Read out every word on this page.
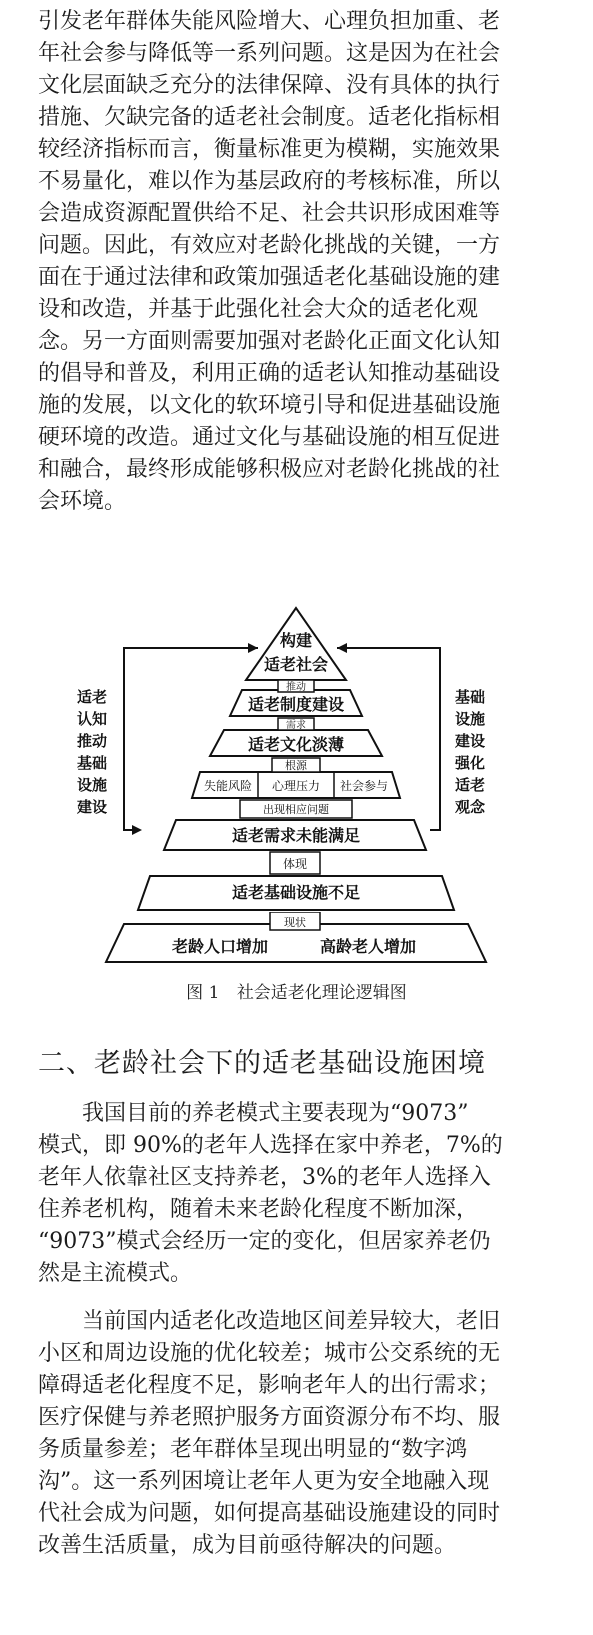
引发老年群体失能风险增大、心理负担加重、老
年社会参与降低等一系列问题。这是因为在社会
文化层面缺乏充分的法律保障、没有具体的执行
措施、欠缺完备的适老社会制度。适老化指标相
较经济指标而言，衡量标准更为模糊，实施效果
不易量化，难以作为基层政府的考核标准，所以
会造成资源配置供给不足、社会共识形成困难等
问题。因此，有效应对老龄化挑战的关键，一方
面在于通过法律和政策加强适老化基础设施的建
设和改造，并基于此强化社会大众的适老化观
念。另一方面则需要加强对老龄化正面文化认知
的倡导和普及，利用正确的适老认知推动基础设
施的发展，以文化的软环境引导和促进基础设施
硬环境的改造。通过文化与基础设施的相互促进
和融合，最终形成能够积极应对老龄化挑战的社
会环境。
构建
适老社会
推动
适老制度建设
需求
适老文化淡薄
根源
失能风险 心理压力 社会参与
出现相应问题
适老需求未能满足
体现
适老基础设施不足
适老
认知
推动
基础
设施
建设
基础
设施
建设
强化
适老
观念
现状
老龄人口增加	高龄老人增加
图 1 社会适老化理论逻辑图
二、老龄社会下的适老基础设施困境
　　我国目前的养老模式主要表现为“9073”
模式，即 90%的老年人选择在家中养老，7%的
老年人依靠社区支持养老，3%的老年人选择入
住养老机构，随着未来老龄化程度不断加深，
“9073”模式会经历一定的变化，但居家养老仍
然是主流模式。
　　当前国内适老化改造地区间差异较大，老旧
小区和周边设施的优化较差；城市公交系统的无
障碍适老化程度不足，影响老年人的出行需求；
医疗保健与养老照护服务方面资源分布不均、服
务质量参差；老年群体呈现出明显的“数字鸿
沟”。这一系列困境让老年人更为安全地融入现
代社会成为问题，如何提高基础设施建设的同时
改善生活质量，成为目前亟待解决的问题。
